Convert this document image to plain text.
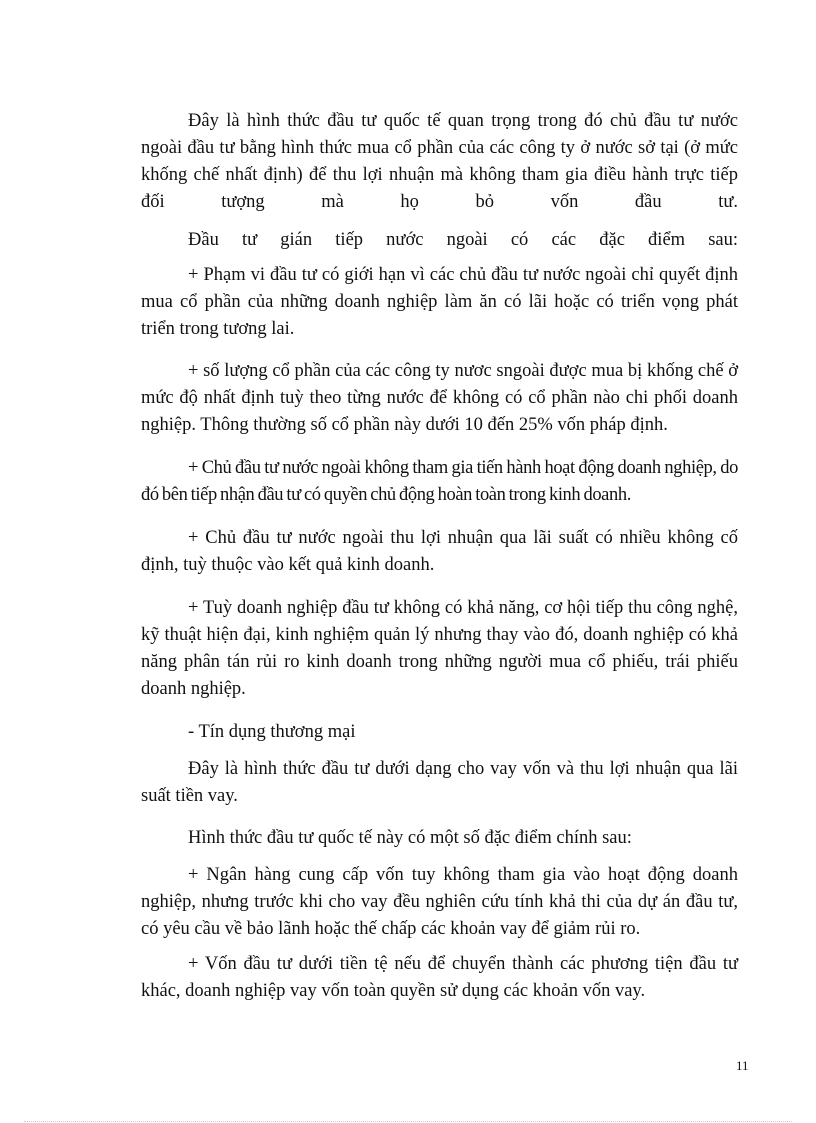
Đây là hình thức đầu tư quốc tế quan trọng trong đó chủ đầu tư nước ngoài đầu tư bằng hình thức mua cổ phần của các công ty ở nước sở tại (ở mức khống chế nhất định) để thu lợi nhuận mà không tham gia điều hành trực tiếp đối tượng mà họ bỏ vốn đầu tư.

Đầu tư gián tiếp nước ngoài có các đặc điểm sau:

+ Phạm vi đầu tư có giới hạn vì các chủ đầu tư nước ngoài chỉ quyết định mua cổ phần của những doanh nghiệp làm ăn có lãi hoặc có triển vọng phát triển trong tương lai.

+ số lượng cổ phần của các công ty nươc sngoài được mua bị khống chế ở mức độ nhất định tuỳ theo từng nước để không có cổ phần nào chi phối doanh nghiệp. Thông thường số cổ phần này dưới 10 đến 25% vốn pháp định.

+ Chủ đầu tư nước ngoài không tham gia tiến hành hoạt động doanh nghiệp, do đó bên tiếp nhận đầu tư có quyền chủ động hoàn toàn trong kinh doanh.

+ Chủ đầu tư nước ngoài thu lợi nhuận qua lãi suất có nhiều không cố định, tuỳ thuộc vào kết quả kinh doanh.

+ Tuỳ doanh nghiệp đầu tư không có khả năng, cơ hội tiếp thu công nghệ, kỹ thuật hiện đại, kinh nghiệm quản lý nhưng thay vào đó, doanh nghiệp có khả năng phân tán rủi ro kinh doanh trong những người mua cổ phiếu, trái phiếu doanh nghiệp.

- Tín dụng thương mại

Đây là hình thức đầu tư dưới dạng cho vay vốn và thu lợi nhuận qua lãi suất tiền vay.

Hình thức đầu tư quốc tế này có một số đặc điểm chính sau:

+ Ngân hàng cung cấp vốn tuy không tham gia vào hoạt động doanh nghiệp, nhưng trước khi cho vay đều nghiên cứu tính khả thi của dự án đầu tư, có yêu cầu về bảo lãnh hoặc thế chấp các khoản vay để giảm rủi ro.

+ Vốn đầu tư dưới tiền tệ nếu để chuyển thành các phương tiện đầu tư khác, doanh nghiệp vay vốn toàn quyền sử dụng các khoản vốn vay.

11
